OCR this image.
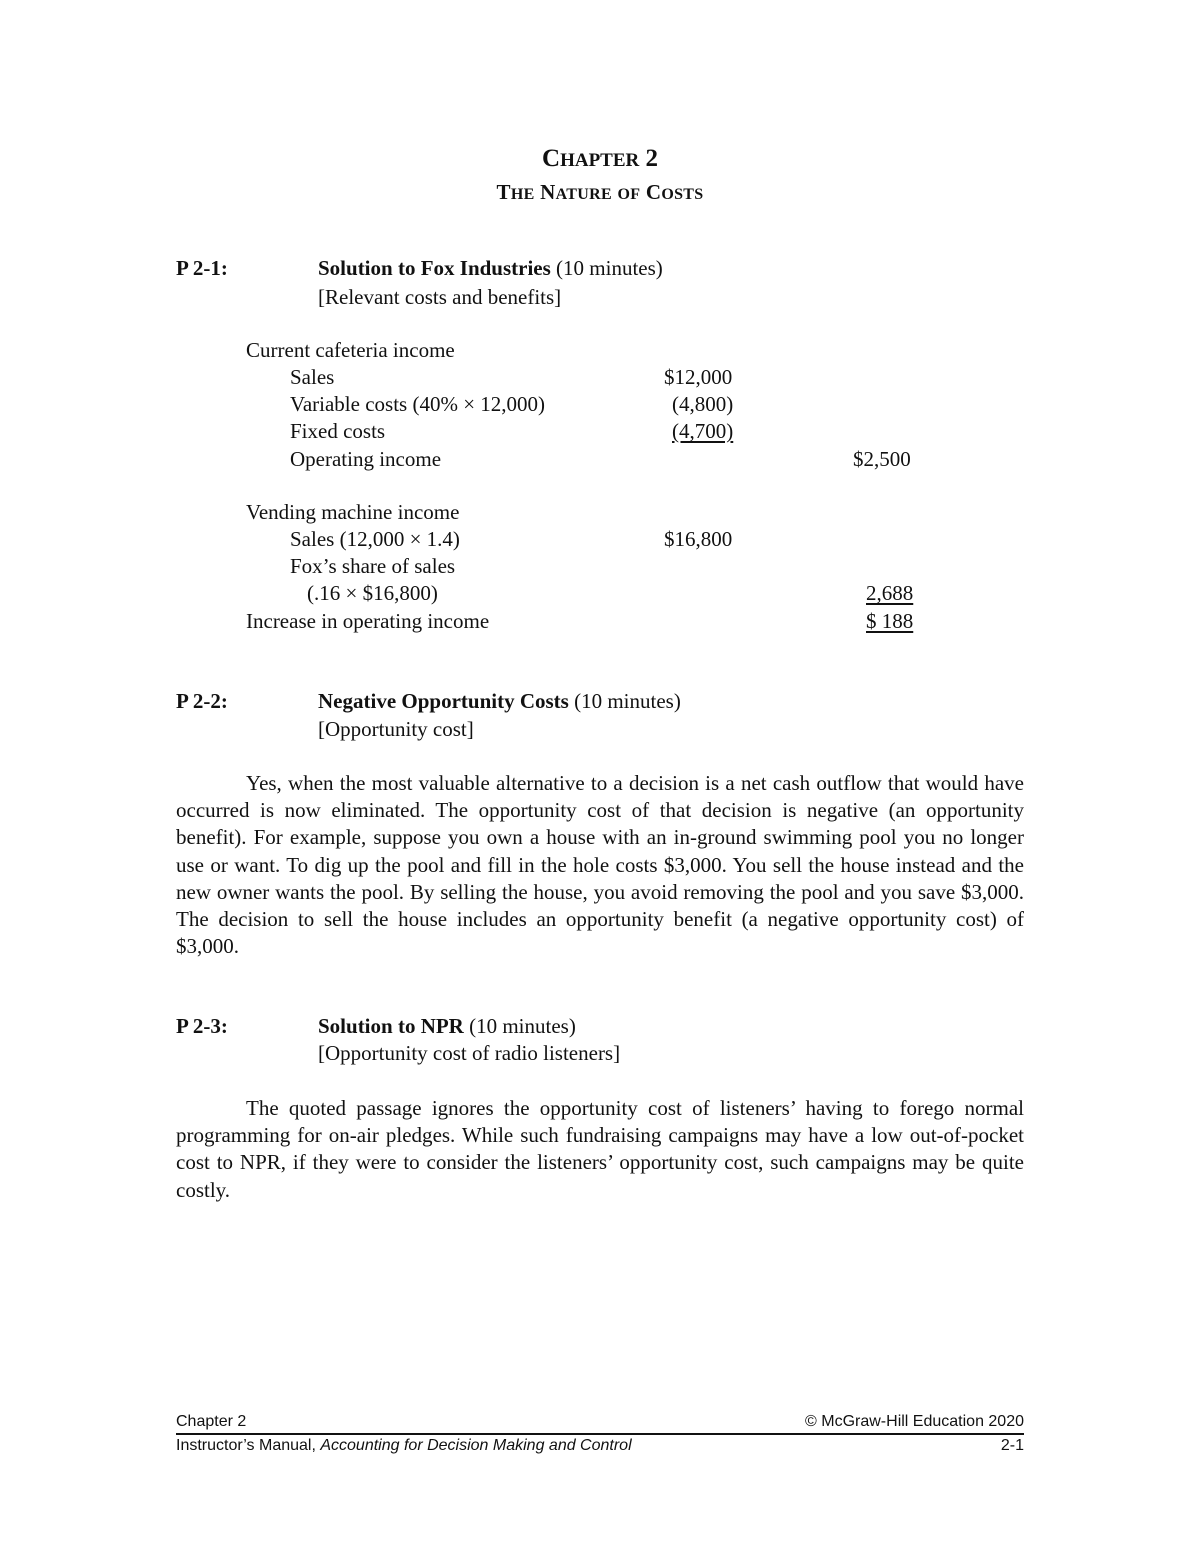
CHAPTER 2
THE NATURE OF COSTS
P 2-1:	Solution to Fox Industries (10 minutes)
[Relevant costs and benefits]
Current cafeteria income
Sales	$12,000
Variable costs (40% × 12,000)	(4,800)
Fixed costs	(4,700)
Operating income	$2,500
Vending machine income
Sales (12,000 × 1.4)	$16,800
Fox’s share of sales
(.16 × $16,800)	2,688
Increase in operating income	$ 188
P 2-2:	Negative Opportunity Costs (10 minutes)
[Opportunity cost]
Yes, when the most valuable alternative to a decision is a net cash outflow that would have occurred is now eliminated. The opportunity cost of that decision is negative (an opportunity benefit). For example, suppose you own a house with an in-ground swimming pool you no longer use or want. To dig up the pool and fill in the hole costs $3,000. You sell the house instead and the new owner wants the pool. By selling the house, you avoid removing the pool and you save $3,000. The decision to sell the house includes an opportunity benefit (a negative opportunity cost) of $3,000.
P 2-3:	Solution to NPR (10 minutes)
[Opportunity cost of radio listeners]
The quoted passage ignores the opportunity cost of listeners’ having to forego normal programming for on-air pledges. While such fundraising campaigns may have a low out-of-pocket cost to NPR, if they were to consider the listeners’ opportunity cost, such campaigns may be quite costly.
Chapter 2	© McGraw-Hill Education 2020
Instructor’s Manual, Accounting for Decision Making and Control	2-1
